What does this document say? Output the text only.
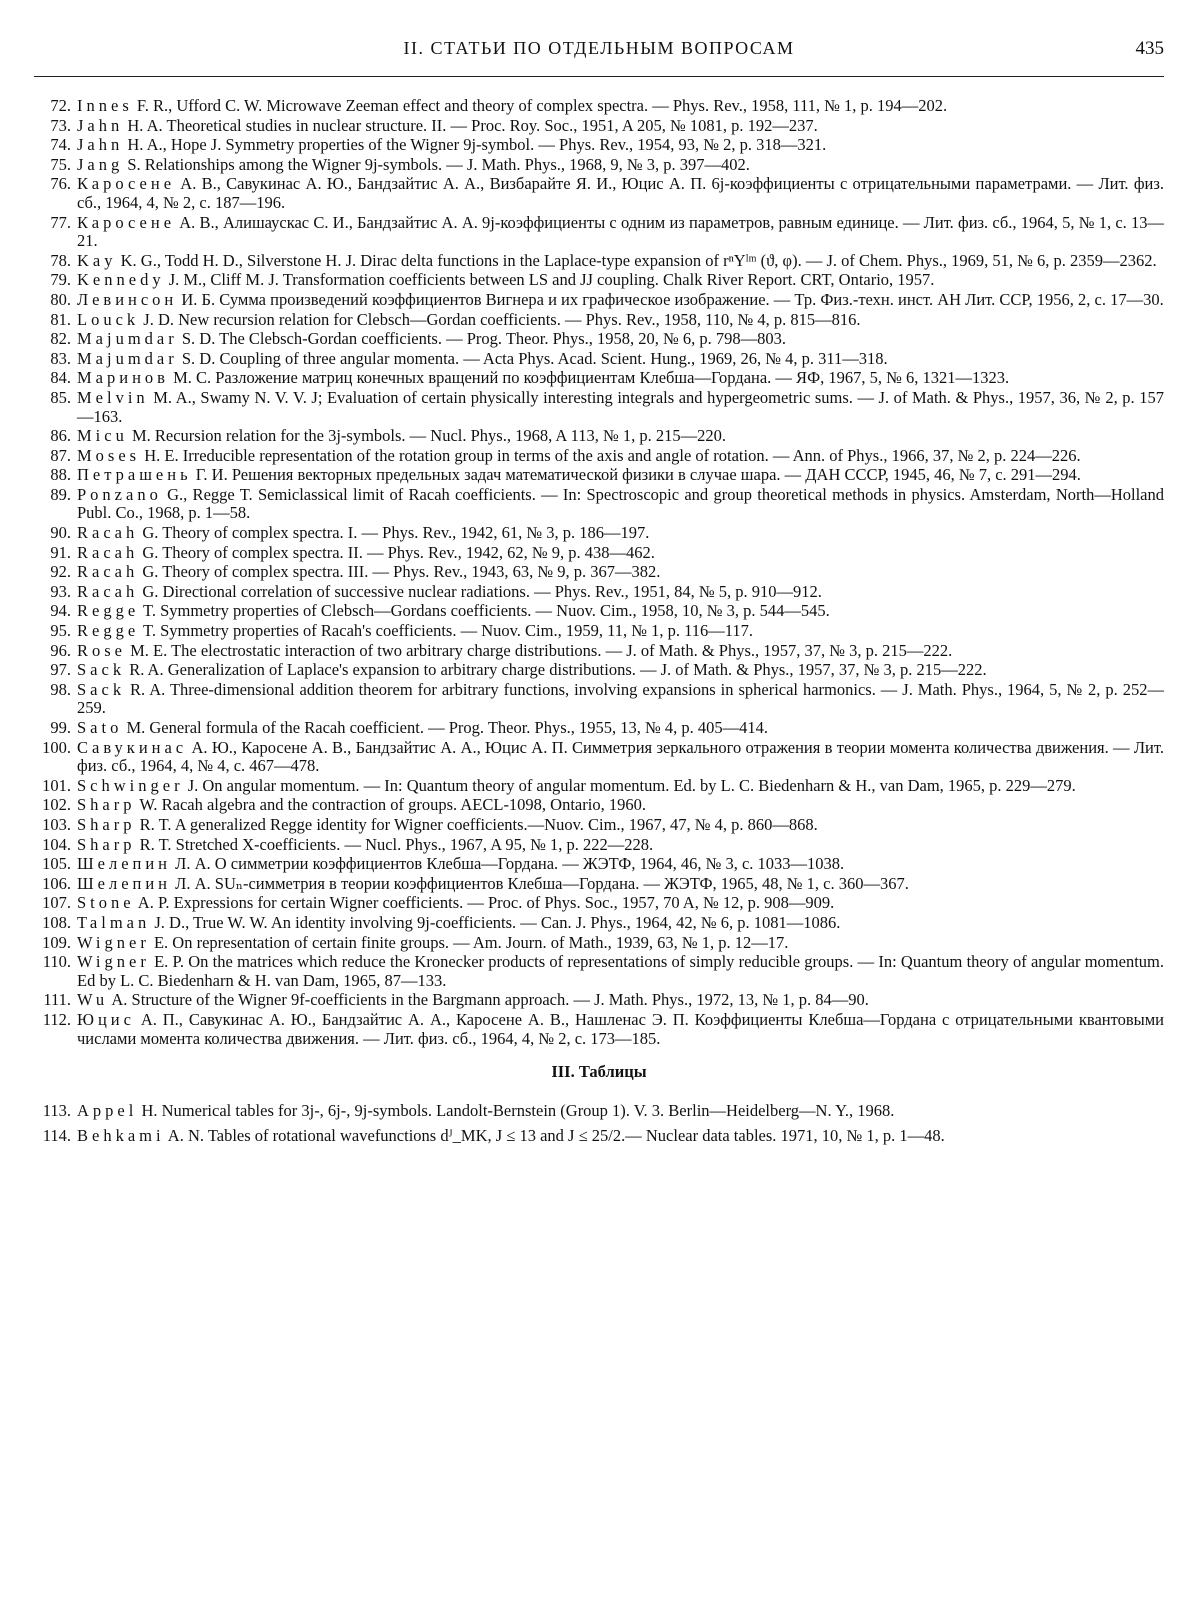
II. СТАТЬИ ПО ОТДЕЛЬНЫМ ВОПРОСАМ	435
72. Innes F. R., Ufford C. W. Microwave Zeeman effect and theory of complex spectra. — Phys. Rev., 1958, 111, № 1, p. 194—202.
73. Jahn H. A. Theoretical studies in nuclear structure. II. — Proc. Roy. Soc., 1951, A 205, № 1081, p. 192—237.
74. Jahn H. A., Hope J. Symmetry properties of the Wigner 9j-symbol. — Phys. Rev., 1954, 93, № 2, p. 318—321.
75. Jang S. Relationships among the Wigner 9j-symbols. — J. Math. Phys., 1968, 9, № 3, p. 397—402.
76. Каросене А. В., Савукинас А. Ю., Бандзайтис А. А., Визбарайте Я. И., Юцис А. П. 6j-коэффициенты с отрицательными параметрами. — Лит. физ. сб., 1964, 4, № 2, с. 187—196.
77. Каросене А. В., Алишаускас С. И., Бандзайтис А. А. 9j-коэффициенты с одним из параметров, равным единице. — Лит. физ. сб., 1964, 5, № 1, с. 13—21.
78. Kay K. G., Todd H. D., Silverstone H. J. Dirac delta functions in the Laplace-type expansion of rⁿYˡᵐ (ϑ, φ). — J. of Chem. Phys., 1969, 51, № 6, p. 2359—2362.
79. Kennedy J. M., Cliff M. J. Transformation coefficients between LS and JJ coupling. Chalk River Report. CRT, Ontario, 1957.
80. Левинсон И. Б. Сумма произведений коэффициентов Вигнера и их графическое изображение. — Тр. Физ.-техн. инст. АН Лит. ССР, 1956, 2, с. 17—30.
81. Louck J. D. New recursion relation for Clebsch—Gordan coefficients. — Phys. Rev., 1958, 110, № 4, p. 815—816.
82. Majumdar S. D. The Clebsch-Gordan coefficients. — Prog. Theor. Phys., 1958, 20, № 6, p. 798—803.
83. Majumdar S. D. Coupling of three angular momenta. — Acta Phys. Acad. Scient. Hung., 1969, 26, № 4, p. 311—318.
84. Маринов М. С. Разложение матриц конечных вращений по коэффициентам Клебша—Гордана. — ЯФ, 1967, 5, № 6, 1321—1323.
85. Melvin M. A., Swamy N. V. V. J; Evaluation of certain physically interesting integrals and hypergeometric sums. — J. of Math. & Phys., 1957, 36, № 2, p. 157—163.
86. Micu M. Recursion relation for the 3j-symbols. — Nucl. Phys., 1968, A 113, № 1, p. 215—220.
87. Moses H. E. Irreducible representation of the rotation group in terms of the axis and angle of rotation. — Ann. of Phys., 1966, 37, № 2, p. 224—226.
88. Петрашень Г. И. Решения векторных предельных задач математической физики в случае шара. — ДАН СССР, 1945, 46, № 7, с. 291—294.
89. Ponzano G., Regge T. Semiclassical limit of Racah coefficients. — In: Spectroscopic and group theoretical methods in physics. Amsterdam, North—Holland Publ. Co., 1968, p. 1—58.
90. Racah G. Theory of complex spectra. I. — Phys. Rev., 1942, 61, № 3, p. 186—197.
91. Racah G. Theory of complex spectra. II. — Phys. Rev., 1942, 62, № 9, p. 438—462.
92. Racah G. Theory of complex spectra. III. — Phys. Rev., 1943, 63, № 9, p. 367—382.
93. Racah G. Directional correlation of successive nuclear radiations. — Phys. Rev., 1951, 84, № 5, p. 910—912.
94. Regge T. Symmetry properties of Clebsch—Gordans coefficients. — Nuov. Cim., 1958, 10, № 3, p. 544—545.
95. Regge T. Symmetry properties of Racah's coefficients. — Nuov. Cim., 1959, 11, № 1, p. 116—117.
96. Rose M. E. The electrostatic interaction of two arbitrary charge distributions. — J. of Math. & Phys., 1957, 37, № 3, p. 215—222.
97. Sack R. A. Generalization of Laplace's expansion to arbitrary charge distributions. — J. of Math. & Phys., 1957, 37, № 3, p. 215—222.
98. Sack R. A. Three-dimensional addition theorem for arbitrary functions, involving expansions in spherical harmonics. — J. Math. Phys., 1964, 5, № 2, p. 252—259.
99. Sato M. General formula of the Racah coefficient. — Prog. Theor. Phys., 1955, 13, № 4, p. 405—414.
100. Савукинас А. Ю., Каросене А. В., Бандзайтис А. А., Юцис А. П. Симметрия зеркального отражения в теории момента количества движения. — Лит. физ. сб., 1964, 4, № 4, с. 467—478.
101. Schwinger J. On angular momentum. — In: Quantum theory of angular momentum. Ed. by L. C. Biedenharn & H., van Dam, 1965, p. 229—279.
102. Sharp W. Racah algebra and the contraction of groups. AECL-1098, Ontario, 1960.
103. Sharp R. T. A generalized Regge identity for Wigner coefficients.—Nuov. Cim., 1967, 47, № 4, p. 860—868.
104. Sharp R. T. Stretched X-coefficients. — Nucl. Phys., 1967, A 95, № 1, p. 222—228.
105. Шелепин Л. А. О симметрии коэффициентов Клебша—Гордана. — ЖЭТФ, 1964, 46, № 3, с. 1033—1038.
106. Шелепин Л. А. SUₙ-симметрия в теории коэффициентов Клебша—Гордана. — ЖЭТФ, 1965, 48, № 1, с. 360—367.
107. Stone A. P. Expressions for certain Wigner coefficients. — Proc. of Phys. Soc., 1957, 70 A, № 12, p. 908—909.
108. Talman J. D., True W. W. An identity involving 9j-coefficients. — Can. J. Phys., 1964, 42, № 6, p. 1081—1086.
109. Wigner E. On representation of certain finite groups. — Am. Journ. of Math., 1939, 63, № 1, p. 12—17.
110. Wigner E. P. On the matrices which reduce the Kronecker products of representations of simply reducible groups. — In: Quantum theory of angular momentum. Ed by L. C. Biedenharn & H. van Dam, 1965, 87—133.
111. Wu A. Structure of the Wigner 9f-coefficients in the Bargmann approach. — J. Math. Phys., 1972, 13, № 1, p. 84—90.
112. Юцис А. П., Савукинас А. Ю., Бандзайтис А. А., Каросене А. В., Нашленас Э. П. Коэффициенты Клебша—Гордана с отрицательными квантовыми числами момента количества движения. — Лит. физ. сб., 1964, 4, № 2, с. 173—185.
III. Таблицы
113. Appel H. Numerical tables for 3j-, 6j-, 9j-symbols. Landolt-Bernstein (Group 1). V. 3. Berlin—Heidelberg—N. Y., 1968.
114. Behkami A. N. Tables of rotational wavefunctions dᴶ_MK, J ≤ 13 and J ≤ 25/2.— Nuclear data tables. 1971, 10, № 1, p. 1—48.
